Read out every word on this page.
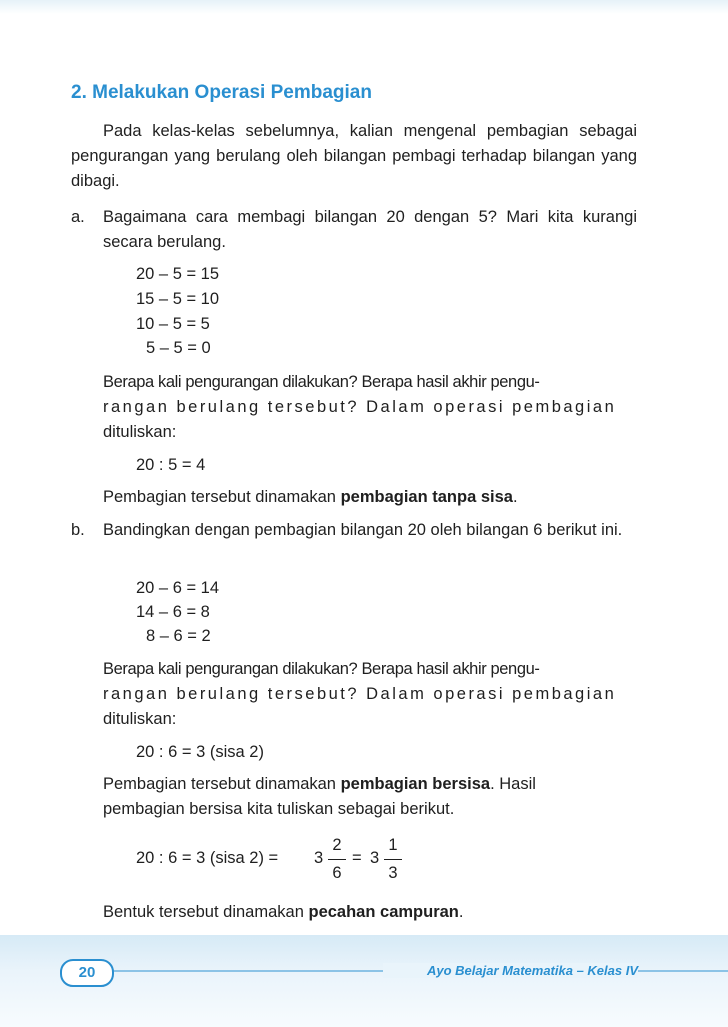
2. Melakukan Operasi Pembagian
Pada kelas-kelas sebelumnya, kalian mengenal pembagian sebagai pengurangan yang berulang oleh bilangan pembagi terhadap bilangan yang dibagi.
a. Bagaimana cara membagi bilangan 20 dengan 5? Mari kita kurangi secara berulang.
20 – 5 = 15
15 – 5 = 10
10 – 5 = 5
5 – 5 = 0
Berapa kali pengurangan dilakukan? Berapa hasil akhir pengu-
rangan berulang tersebut? Dalam operasi pembagian
dituliskan:
20 : 5 = 4
Pembagian tersebut dinamakan pembagian tanpa sisa.
b. Bandingkan dengan pembagian bilangan 20 oleh bilangan 6 berikut ini.
20 – 6 = 14
14 – 6 = 8
8 – 6 = 2
Berapa kali pengurangan dilakukan? Berapa hasil akhir pengu-
rangan berulang tersebut? Dalam operasi pembagian
dituliskan:
20 : 6 = 3 (sisa 2)
Pembagian tersebut dinamakan pembagian bersisa. Hasil
pembagian bersisa kita tuliskan sebagai berikut.
20 : 6 = 3 (sisa 2) = 3
2
6
= 3
1
3
Bentuk tersebut dinamakan pecahan campuran.
20	Ayo Belajar Matematika – Kelas IV
